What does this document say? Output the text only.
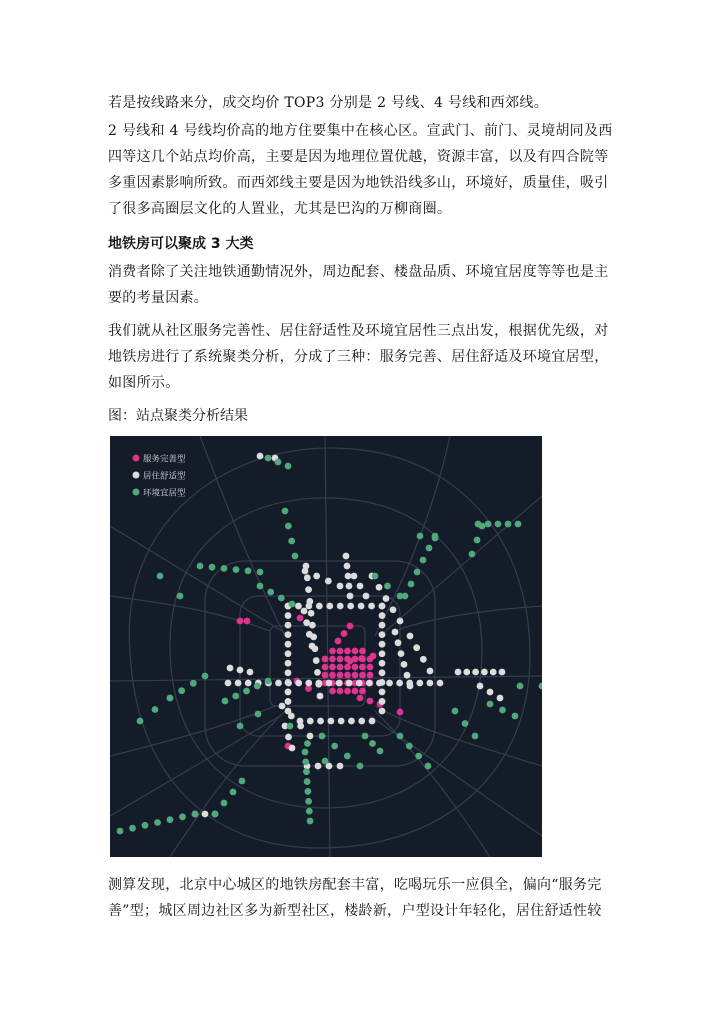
若是按线路来分，成交均价 TOP3 分别是 2 号线、4 号线和西郊线。

2 号线和 4 号线均价高的地方住要集中在核心区。宣武门、前门、灵境胡同及西四等这几个站点均价高，主要是因为地理位置优越，资源丰富，以及有四合院等多重因素影响所致。而西郊线主要是因为地铁沿线多山，环境好，质量佳，吸引了很多高圈层文化的人置业，尤其是巴沟的万柳商圈。

地铁房可以聚成 3 大类

消费者除了关注地铁通勤情况外，周边配套、楼盘品质、环境宜居度等等也是主要的考量因素。

我们就从社区服务完善性、居住舒适性及环境宜居性三点出发，根据优先级，对地铁房进行了系统聚类分析，分成了三种：服务完善、居住舒适及环境宜居型，如图所示。

图：站点聚类分析结果

服务完善型
居住舒适型
环境宜居型

测算发现，北京中心城区的地铁房配套丰富，吃喝玩乐一应俱全，偏向“服务完善”型；城区周边社区多为新型社区，楼龄新，户型设计年轻化，居住舒适性较
